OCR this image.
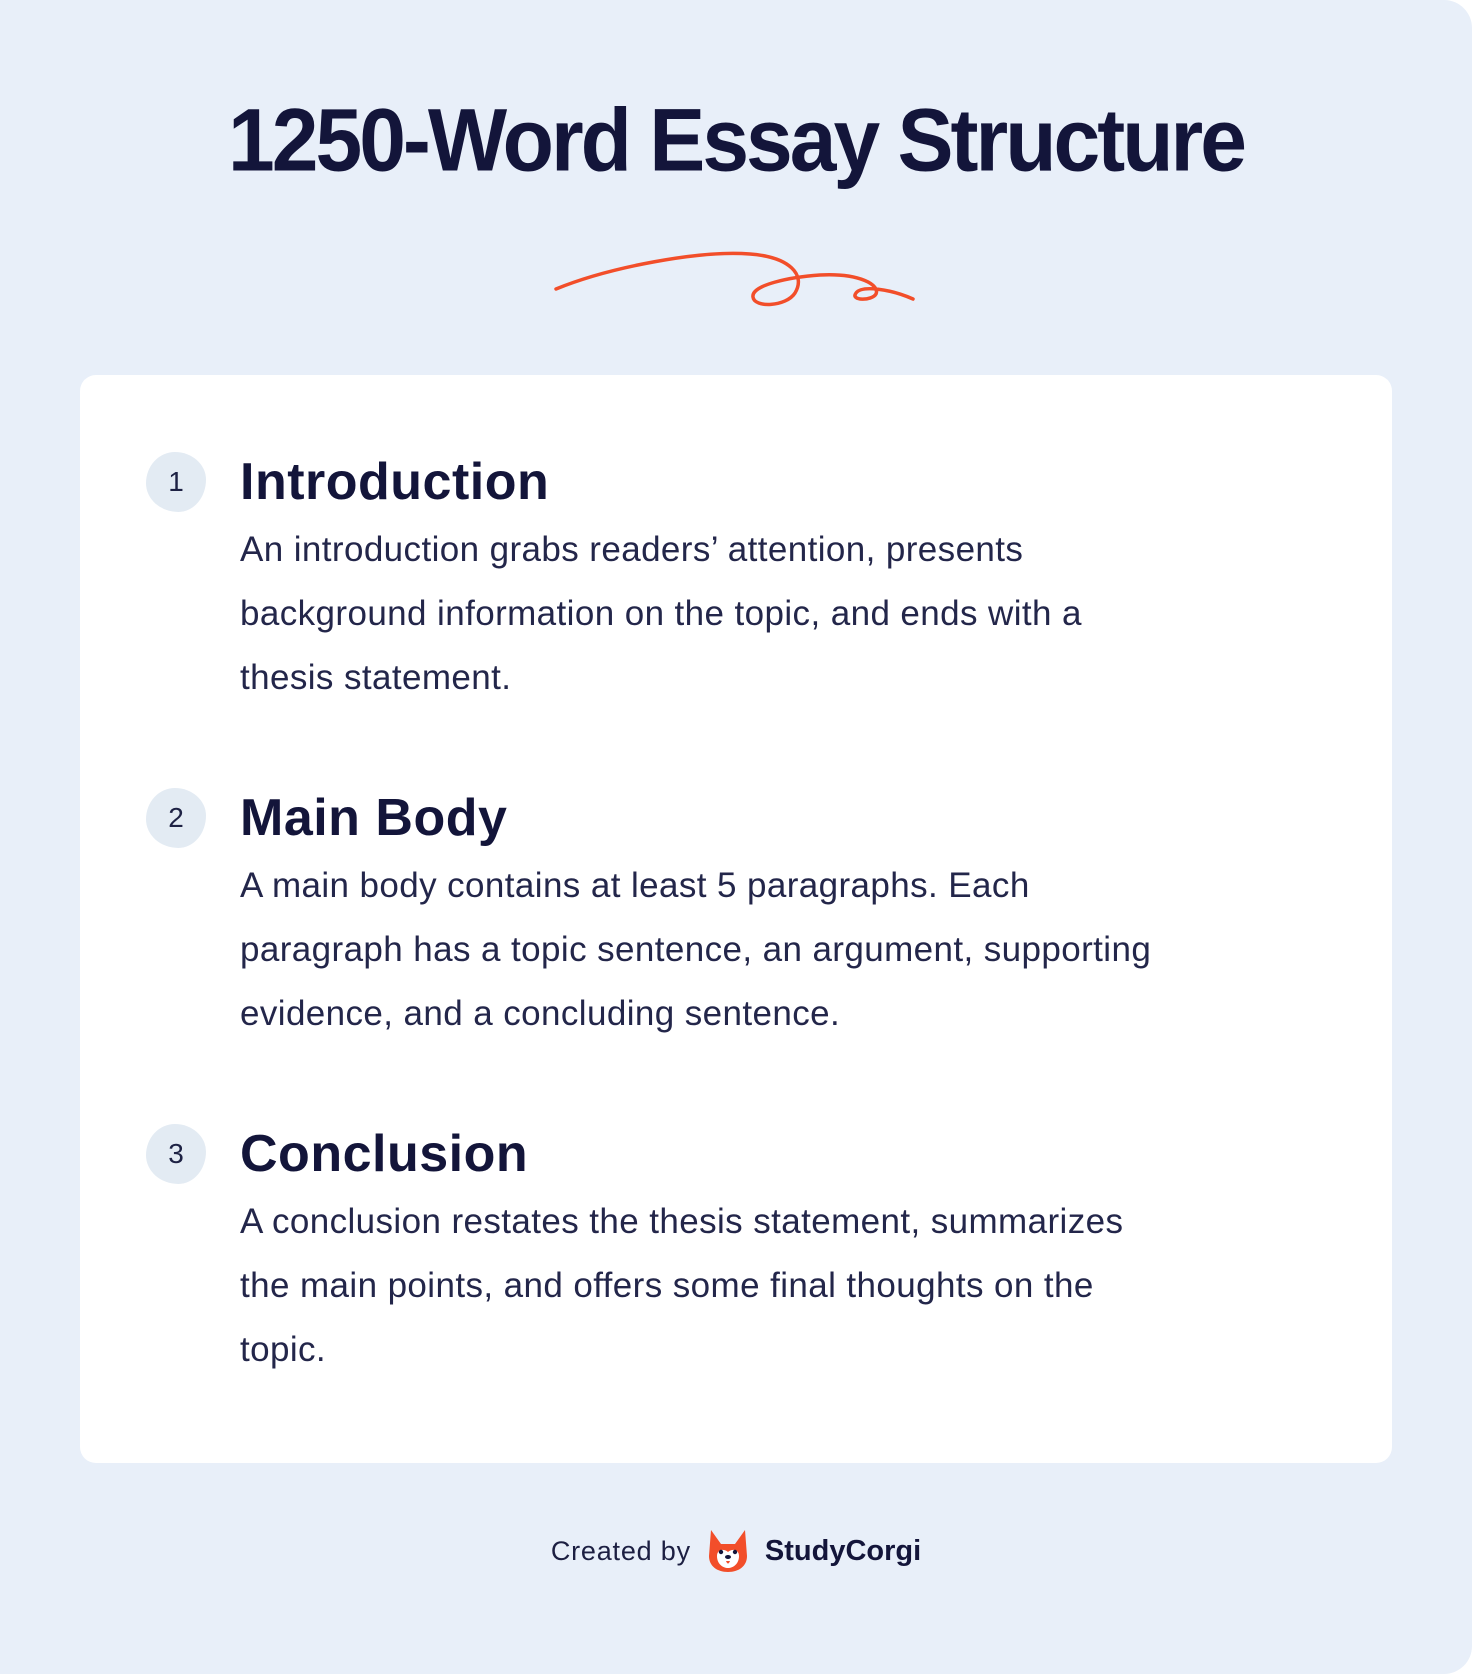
1250-Word Essay Structure
1	Introduction
An introduction grabs readers’ attention, presents
background information on the topic, and ends with a
thesis statement.
2	Main Body
A main body contains at least 5 paragraphs. Each
paragraph has a topic sentence, an argument, supporting
evidence, and a concluding sentence.
3	Conclusion
A conclusion restates the thesis statement, summarizes
the main points, and offers some final thoughts on the
topic.
Created by	StudyCorgi
